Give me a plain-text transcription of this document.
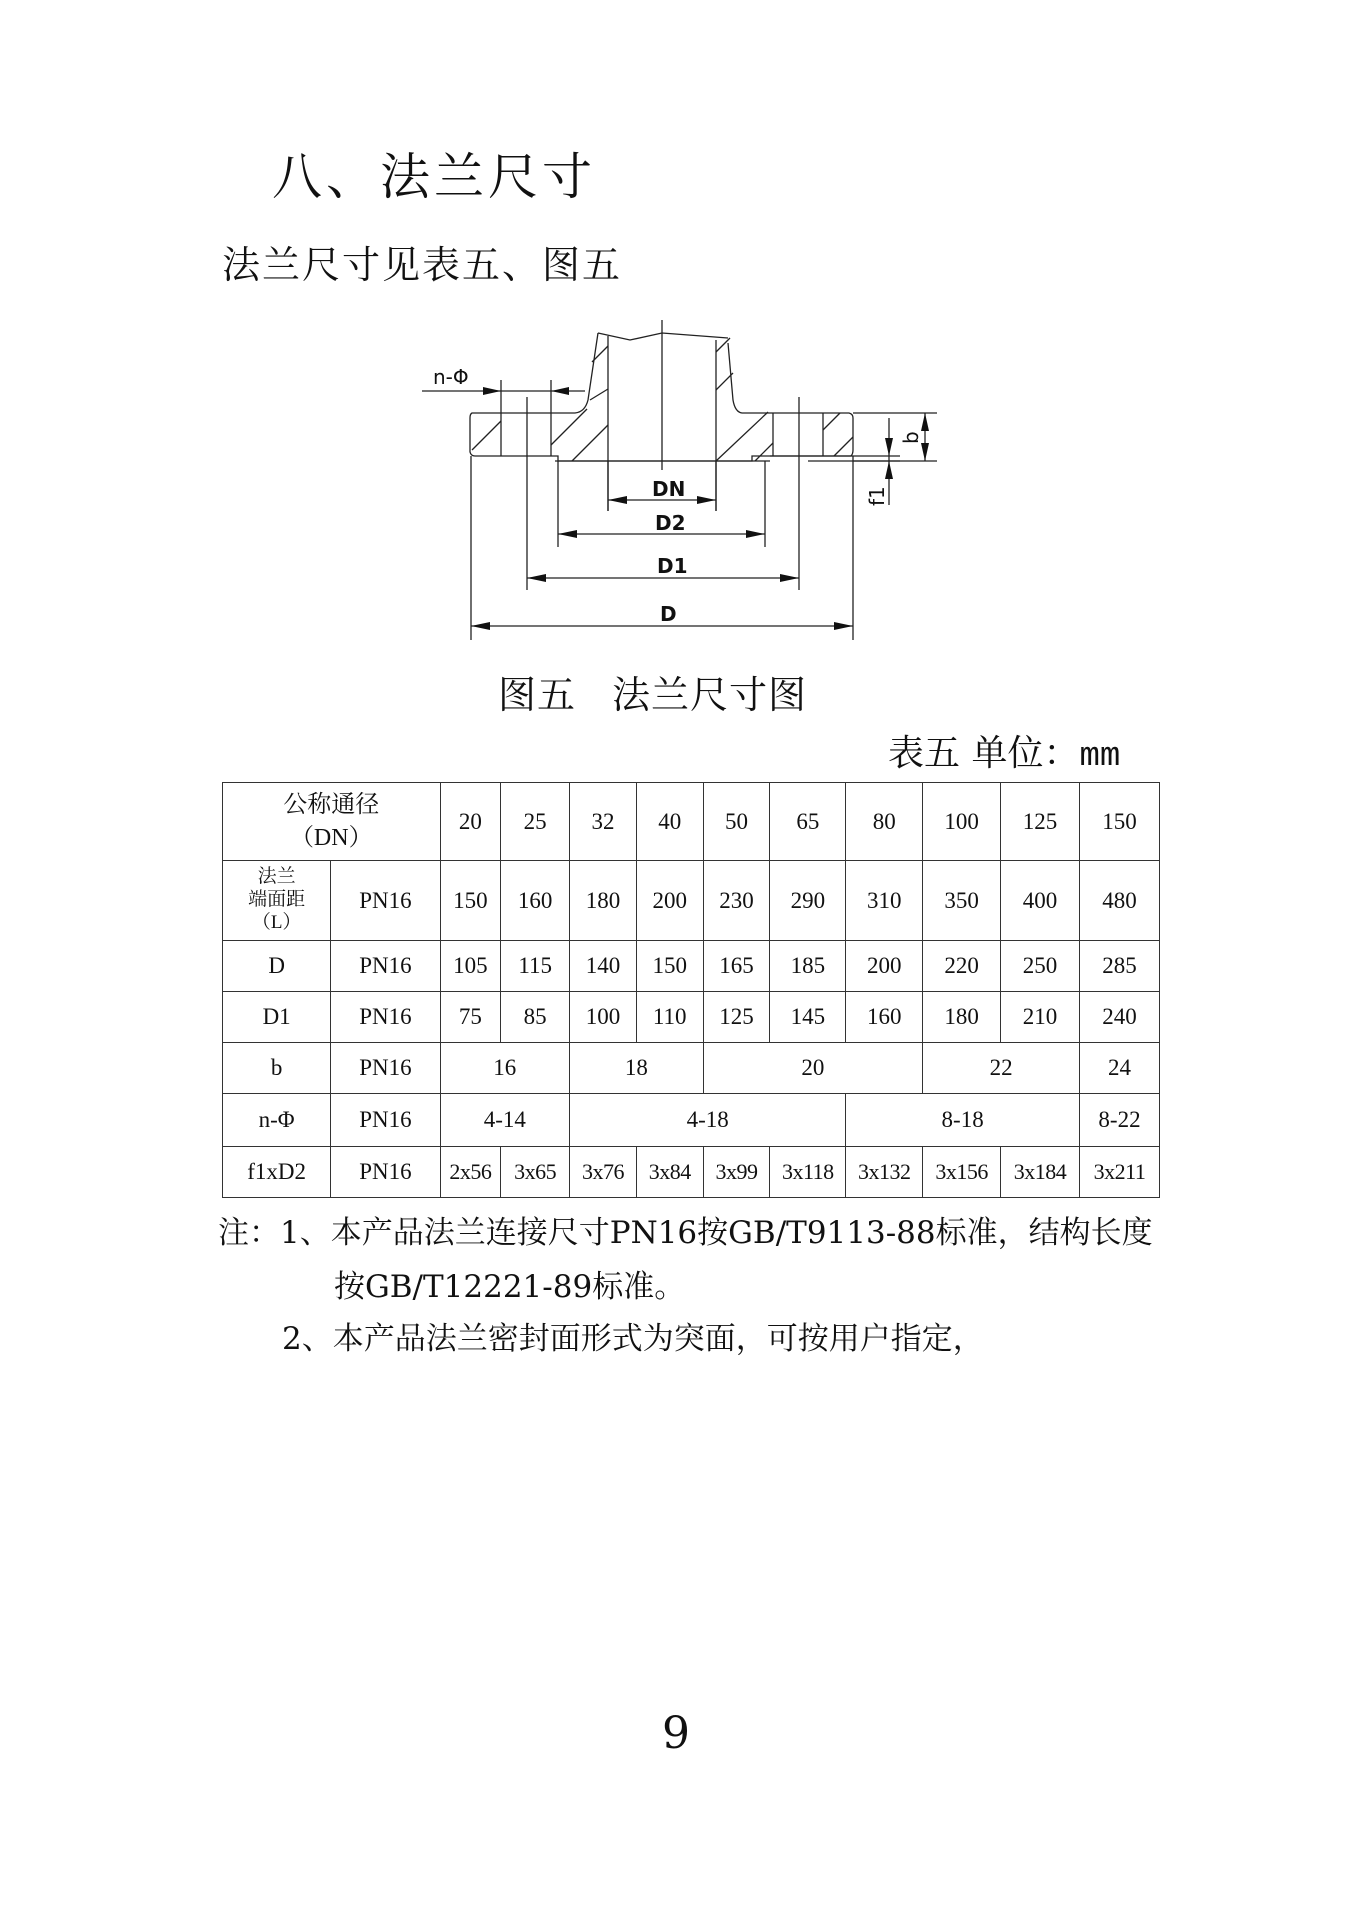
八、法兰尺寸
法兰尺寸见表五、图五
n-Φ
DN
D2
D1
D
b
f1
图五 法兰尺寸图
表五 单位：mm
公称通径
（DN）		20	25	32	40	50	65	80	100	125	150

法兰
端面距
（L）	PN16	150	160	180	200	230	290	310	350	400	480
D	PN16	105	115	140	150	165	185	200	220	250	285
D1	PN16	75	85	100	110	125	145	160	180	210	240
b	PN16	16		18		20			22		24
n-Φ	PN16	4-14		4-18				8-18			8-22
f1xD2	PN16	2x56	3x65	3x76	3x84	3x99	3x118	3x132	3x156	3x184	3x211
注：1、本产品法兰连接尺寸PN16按GB/T9113-88标准，结构长度
按GB/T12221-89标准。
2、本产品法兰密封面形式为突面，可按用户指定，
9
